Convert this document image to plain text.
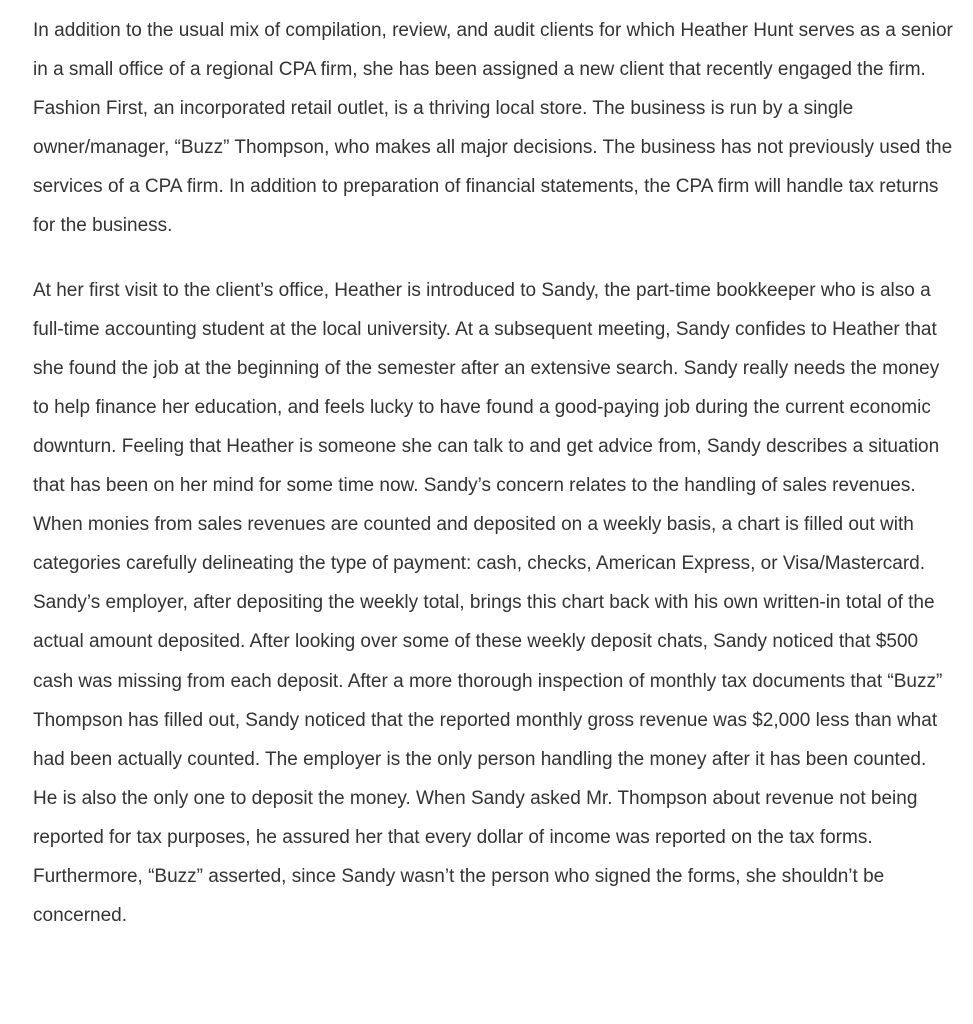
In addition to the usual mix of compilation, review, and audit clients for which Heather Hunt serves as a senior in a small office of a regional CPA firm, she has been assigned a new client that recently engaged the firm. Fashion First, an incorporated retail outlet, is a thriving local store. The business is run by a single owner/manager, “Buzz” Thompson, who makes all major decisions. The business has not previously used the services of a CPA firm. In addition to preparation of financial statements, the CPA firm will handle tax returns for the business.

At her first visit to the client’s office, Heather is introduced to Sandy, the part-time bookkeeper who is also a full-time accounting student at the local university. At a subsequent meeting, Sandy confides to Heather that she found the job at the beginning of the semester after an extensive search. Sandy really needs the money to help finance her education, and feels lucky to have found a good-paying job during the current economic downturn. Feeling that Heather is someone she can talk to and get advice from, Sandy describes a situation that has been on her mind for some time now. Sandy’s concern relates to the handling of sales revenues. When monies from sales revenues are counted and deposited on a weekly basis, a chart is filled out with categories carefully delineating the type of payment: cash, checks, American Express, or Visa/Mastercard. Sandy’s employer, after depositing the weekly total, brings this chart back with his own written-in total of the actual amount deposited. After looking over some of these weekly deposit chats, Sandy noticed that $500 cash was missing from each deposit. After a more thorough inspection of monthly tax documents that “Buzz” Thompson has filled out, Sandy noticed that the reported monthly gross revenue was $2,000 less than what had been actually counted. The employer is the only person handling the money after it has been counted. He is also the only one to deposit the money. When Sandy asked Mr. Thompson about revenue not being reported for tax purposes, he assured her that every dollar of income was reported on the tax forms. Furthermore, “Buzz” asserted, since Sandy wasn’t the person who signed the forms, she shouldn’t be concerned.
